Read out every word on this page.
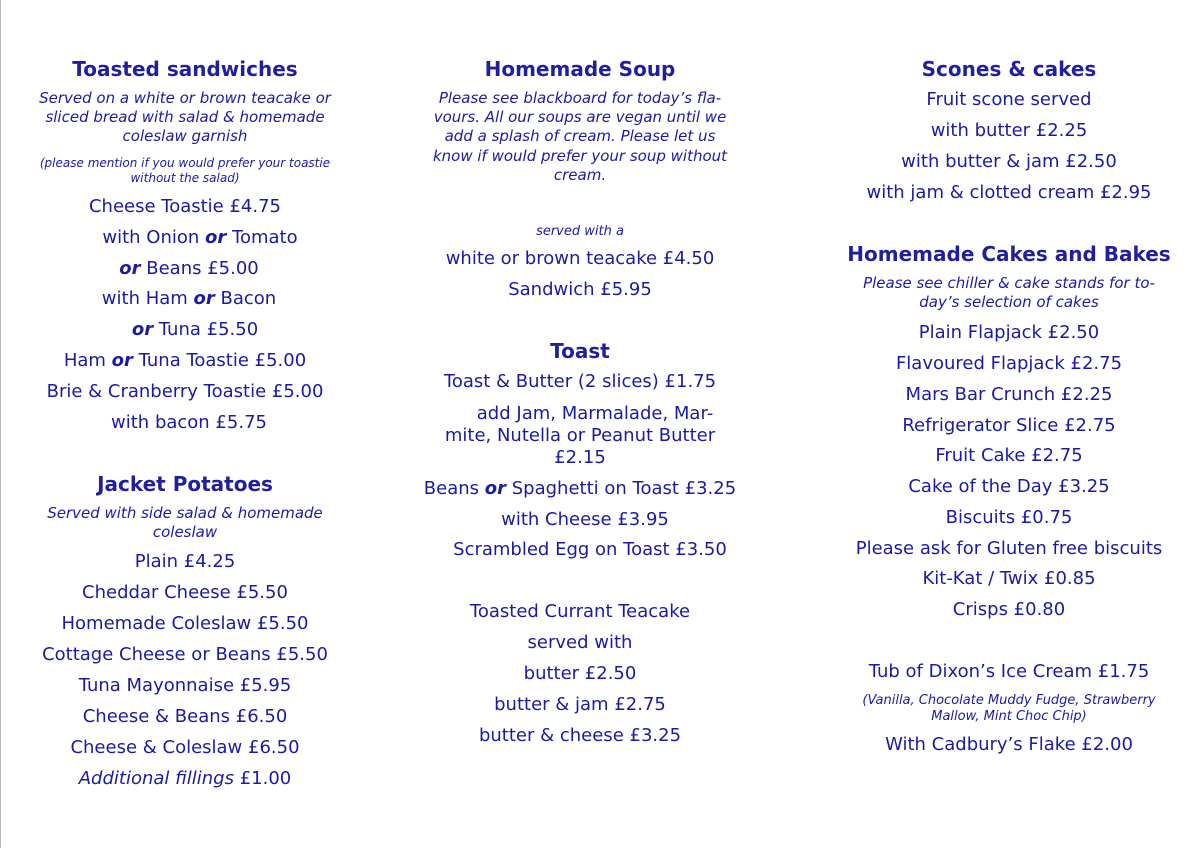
Toasted sandwiches
Served on a white or brown teacake or
sliced bread with salad & homemade
coleslaw garnish
(please mention if you would prefer your toastie
without the salad)
Cheese Toastie £4.75
with Onion or Tomato
or Beans £5.00
with Ham or Bacon
or Tuna £5.50
Ham or Tuna Toastie £5.00
Brie & Cranberry Toastie £5.00
with bacon £5.75
Jacket Potatoes
Served with side salad & homemade
coleslaw
Plain £4.25
Cheddar Cheese £5.50
Homemade Coleslaw £5.50
Cottage Cheese or Beans £5.50
Tuna Mayonnaise £5.95
Cheese & Beans £6.50
Cheese & Coleslaw £6.50
Additional fillings £1.00
Homemade Soup
Please see blackboard for today’s fla-
vours. All our soups are vegan until we
add a splash of cream. Please let us
know if would prefer your soup without
cream.
served with a
white or brown teacake £4.50
Sandwich £5.95
Toast
Toast & Butter (2 slices) £1.75
add Jam, Marmalade, Mar-
mite, Nutella or Peanut Butter
£2.15
Beans or Spaghetti on Toast £3.25
with Cheese £3.95
Scrambled Egg on Toast £3.50
Toasted Currant Teacake
served with
butter £2.50
butter & jam £2.75
butter & cheese £3.25
Scones & cakes
Fruit scone served
with butter £2.25
with butter & jam £2.50
with jam & clotted cream £2.95
Homemade Cakes and Bakes
Please see chiller & cake stands for to-
day’s selection of cakes
Plain Flapjack £2.50
Flavoured Flapjack £2.75
Mars Bar Crunch £2.25
Refrigerator Slice £2.75
Fruit Cake £2.75
Cake of the Day £3.25
Biscuits £0.75
Please ask for Gluten free biscuits
Kit-Kat / Twix £0.85
Crisps £0.80
Tub of Dixon’s Ice Cream £1.75
(Vanilla, Chocolate Muddy Fudge, Strawberry
Mallow, Mint Choc Chip)
With Cadbury’s Flake £2.00
